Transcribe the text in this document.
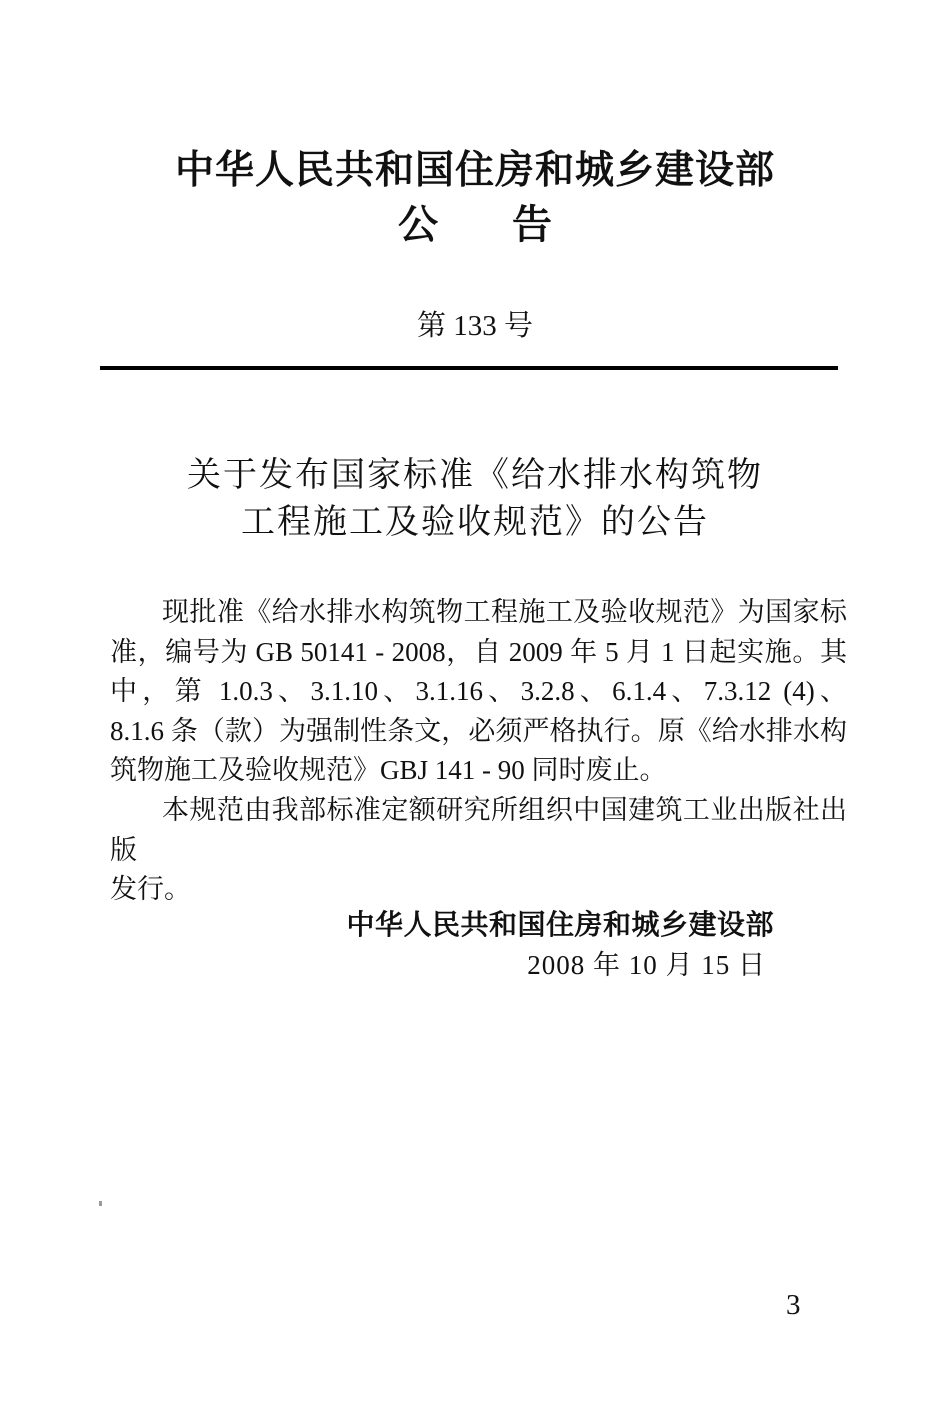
中华人民共和国住房和城乡建设部
公 告
第 133 号
关于发布国家标准《给水排水构筑物
工程施工及验收规范》的公告
现批准《给水排水构筑物工程施工及验收规范》为国家标
准，编号为 GB 50141 - 2008，自 2009 年 5 月 1 日起实施。其
中，第 1.0.3、3.1.10、3.1.16、3.2.8、6.1.4、7.3.12 (4)、
8.1.6 条（款）为强制性条文，必须严格执行。原《给水排水构
筑物施工及验收规范》GBJ 141 - 90 同时废止。
本规范由我部标准定额研究所组织中国建筑工业出版社出版
发行。
中华人民共和国住房和城乡建设部
2008 年 10 月 15 日
3
